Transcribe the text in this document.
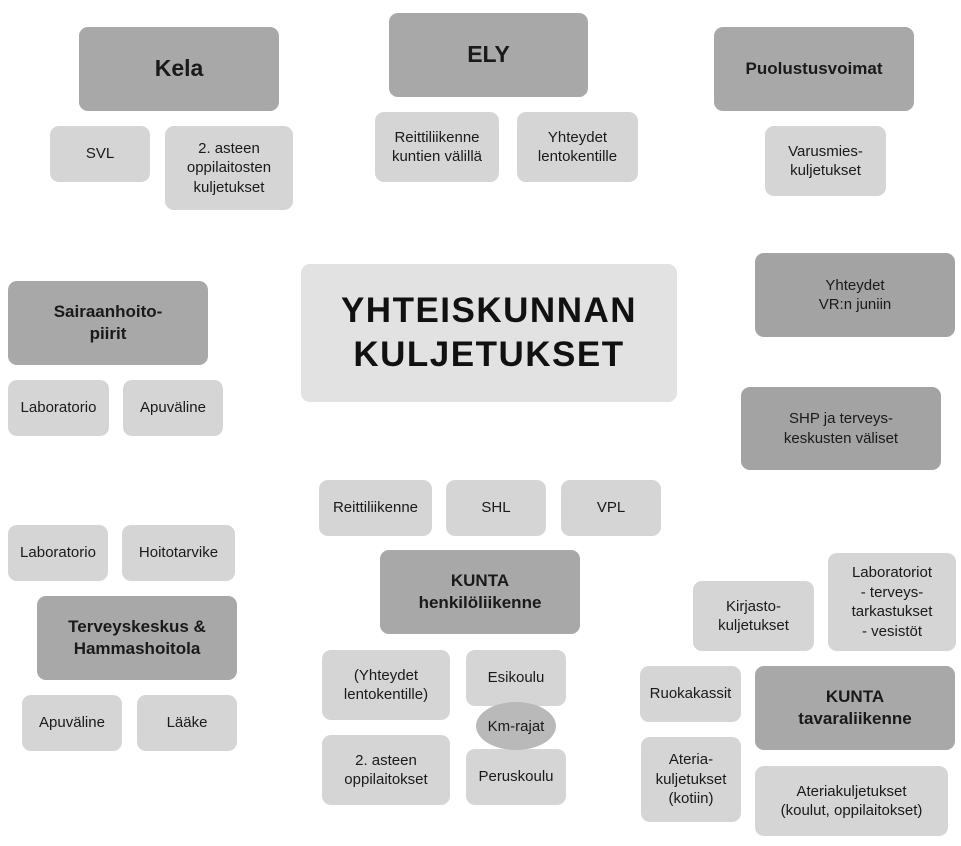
YHTEISKUNNAN
KULJETUKSET
Kela
SVL	2. asteen
oppilaitosten
kuljetukset
ELY
Reittiliikenne
kuntien välillä
Yhteydet
lentokentille
Puolustusvoimat
Varusmies-
kuljetukset
Sairaanhoito-
piirit
Laboratorio	Apuväline
Yhteydet
VR:n juniin
SHP ja terveys-
keskusten väliset
Laboratorio	Hoitotarvike
Terveyskeskus &
Hammashoitola
Apuväline	Lääke
Reittiliikenne	SHL	VPL
KUNTA
henkilöliikenne
(Yhteydet
lentokentille)
Esikoulu
2. asteen
oppilaitokset	Peruskoulu
Km-rajat
Kirjasto-
kuljetukset
Laboratoriot
- terveys-
tarkastukset
- vesistöt
Ruokakassit	KUNTA
tavaraliikenne
Ateria-
kuljetukset
(kotiin)	Ateriakuljetukset
(koulut, oppilaitokset)
